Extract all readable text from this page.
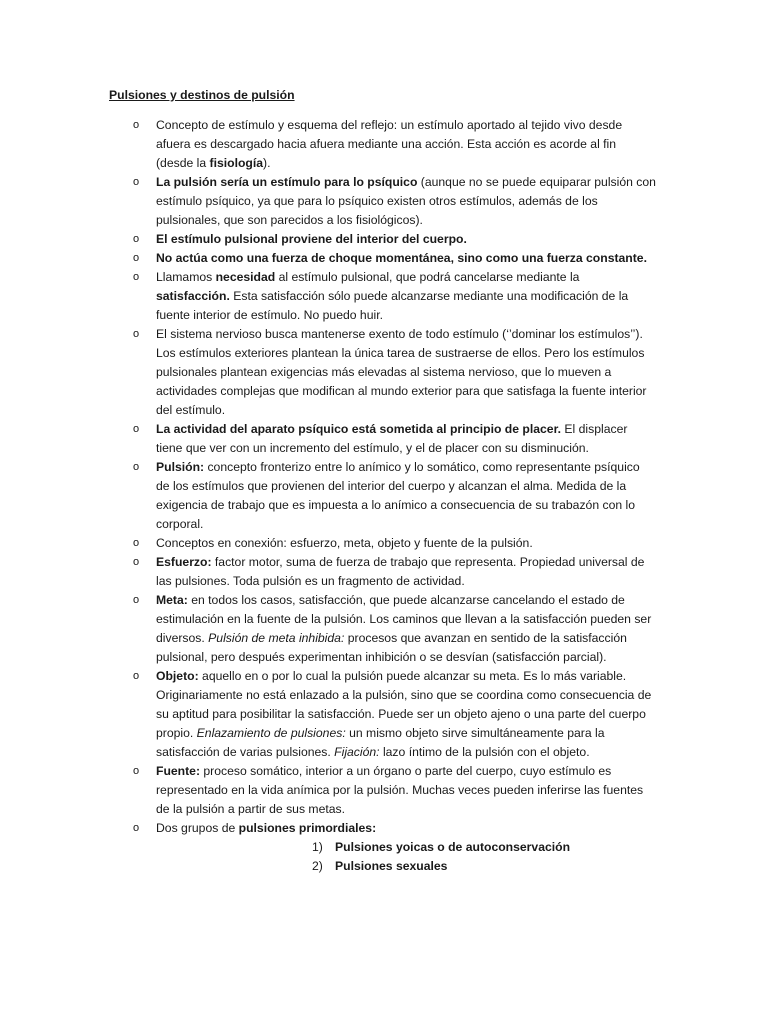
Pulsiones y destinos de pulsión
o Concepto de estímulo y esquema del reflejo: un estímulo aportado al tejido vivo desde afuera es descargado hacia afuera mediante una acción. Esta acción es acorde al fin (desde la fisiología).
o La pulsión sería un estímulo para lo psíquico (aunque no se puede equiparar pulsión con estímulo psíquico, ya que para lo psíquico existen otros estímulos, además de los pulsionales, que son parecidos a los fisiológicos).
o El estímulo pulsional proviene del interior del cuerpo.
o No actúa como una fuerza de choque momentánea, sino como una fuerza constante.
o Llamamos necesidad al estímulo pulsional, que podrá cancelarse mediante la satisfacción. Esta satisfacción sólo puede alcanzarse mediante una modificación de la fuente interior de estímulo. No puedo huir.
o El sistema nervioso busca mantenerse exento de todo estímulo (‘’dominar los estímulos’’). Los estímulos exteriores plantean la única tarea de sustraerse de ellos. Pero los estímulos pulsionales plantean exigencias más elevadas al sistema nervioso, que lo mueven a actividades complejas que modifican al mundo exterior para que satisfaga la fuente interior del estímulo.
o La actividad del aparato psíquico está sometida al principio de placer. El displacer tiene que ver con un incremento del estímulo, y el de placer con su disminución.
o Pulsión: concepto fronterizo entre lo anímico y lo somático, como representante psíquico de los estímulos que provienen del interior del cuerpo y alcanzan el alma. Medida de la exigencia de trabajo que es impuesta a lo anímico a consecuencia de su trabazón con lo corporal.
o Conceptos en conexión: esfuerzo, meta, objeto y fuente de la pulsión.
o Esfuerzo: factor motor, suma de fuerza de trabajo que representa. Propiedad universal de las pulsiones. Toda pulsión es un fragmento de actividad.
o Meta: en todos los casos, satisfacción, que puede alcanzarse cancelando el estado de estimulación en la fuente de la pulsión. Los caminos que llevan a la satisfacción pueden ser diversos. Pulsión de meta inhibida: procesos que avanzan en sentido de la satisfacción pulsional, pero después experimentan inhibición o se desvían (satisfacción parcial).
o Objeto: aquello en o por lo cual la pulsión puede alcanzar su meta. Es lo más variable. Originariamente no está enlazado a la pulsión, sino que se coordina como consecuencia de su aptitud para posibilitar la satisfacción. Puede ser un objeto ajeno o una parte del cuerpo propio. Enlazamiento de pulsiones: un mismo objeto sirve simultáneamente para la satisfacción de varias pulsiones. Fijación: lazo íntimo de la pulsión con el objeto.
o Fuente: proceso somático, interior a un órgano o parte del cuerpo, cuyo estímulo es representado en la vida anímica por la pulsión. Muchas veces pueden inferirse las fuentes de la pulsión a partir de sus metas.
o Dos grupos de pulsiones primordiales:
1) Pulsiones yoicas o de autoconservación
2) Pulsiones sexuales
